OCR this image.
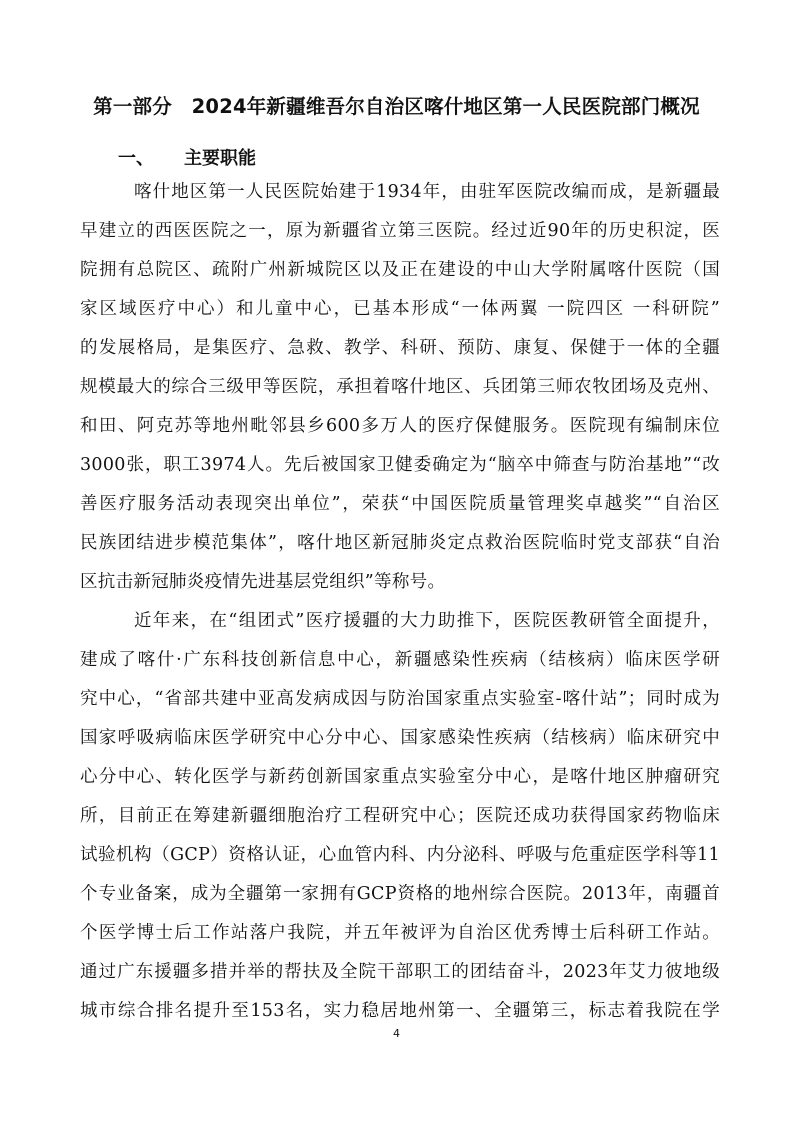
第一部分　2024年新疆维吾尔自治区喀什地区第一人民医院部门概况
一、 主要职能
喀什地区第一人民医院始建于1934年，由驻军医院改编而成，是新疆最
早建立的西医医院之一，原为新疆省立第三医院。经过近90年的历史积淀，医
院拥有总院区、疏附广州新城院区以及正在建设的中山大学附属喀什医院（国
家区域医疗中心）和儿童中心，已基本形成“一体两翼 一院四区 一科研院”
的发展格局，是集医疗、急救、教学、科研、预防、康复、保健于一体的全疆
规模最大的综合三级甲等医院，承担着喀什地区、兵团第三师农牧团场及克州、
和田、阿克苏等地州毗邻县乡600多万人的医疗保健服务。医院现有编制床位
3000张，职工3974人。先后被国家卫健委确定为“脑卒中筛查与防治基地”“改
善医疗服务活动表现突出单位”，荣获“中国医院质量管理奖卓越奖”“自治区
民族团结进步模范集体”，喀什地区新冠肺炎定点救治医院临时党支部获“自治
区抗击新冠肺炎疫情先进基层党组织”等称号。
近年来，在“组团式”医疗援疆的大力助推下，医院医教研管全面提升，
建成了喀什·广东科技创新信息中心，新疆感染性疾病（结核病）临床医学研
究中心，“省部共建中亚高发病成因与防治国家重点实验室-喀什站”；同时成为
国家呼吸病临床医学研究中心分中心、国家感染性疾病（结核病）临床研究中
心分中心、转化医学与新药创新国家重点实验室分中心，是喀什地区肿瘤研究
所，目前正在筹建新疆细胞治疗工程研究中心；医院还成功获得国家药物临床
试验机构（GCP）资格认证，心血管内科、内分泌科、呼吸与危重症医学科等11
个专业备案，成为全疆第一家拥有GCP资格的地州综合医院。2013年，南疆首
个医学博士后工作站落户我院，并五年被评为自治区优秀博士后科研工作站。
通过广东援疆多措并举的帮扶及全院干部职工的团结奋斗，2023年艾力彼地级
城市综合排名提升至153名，实力稳居地州第一、全疆第三，标志着我院在学
4
